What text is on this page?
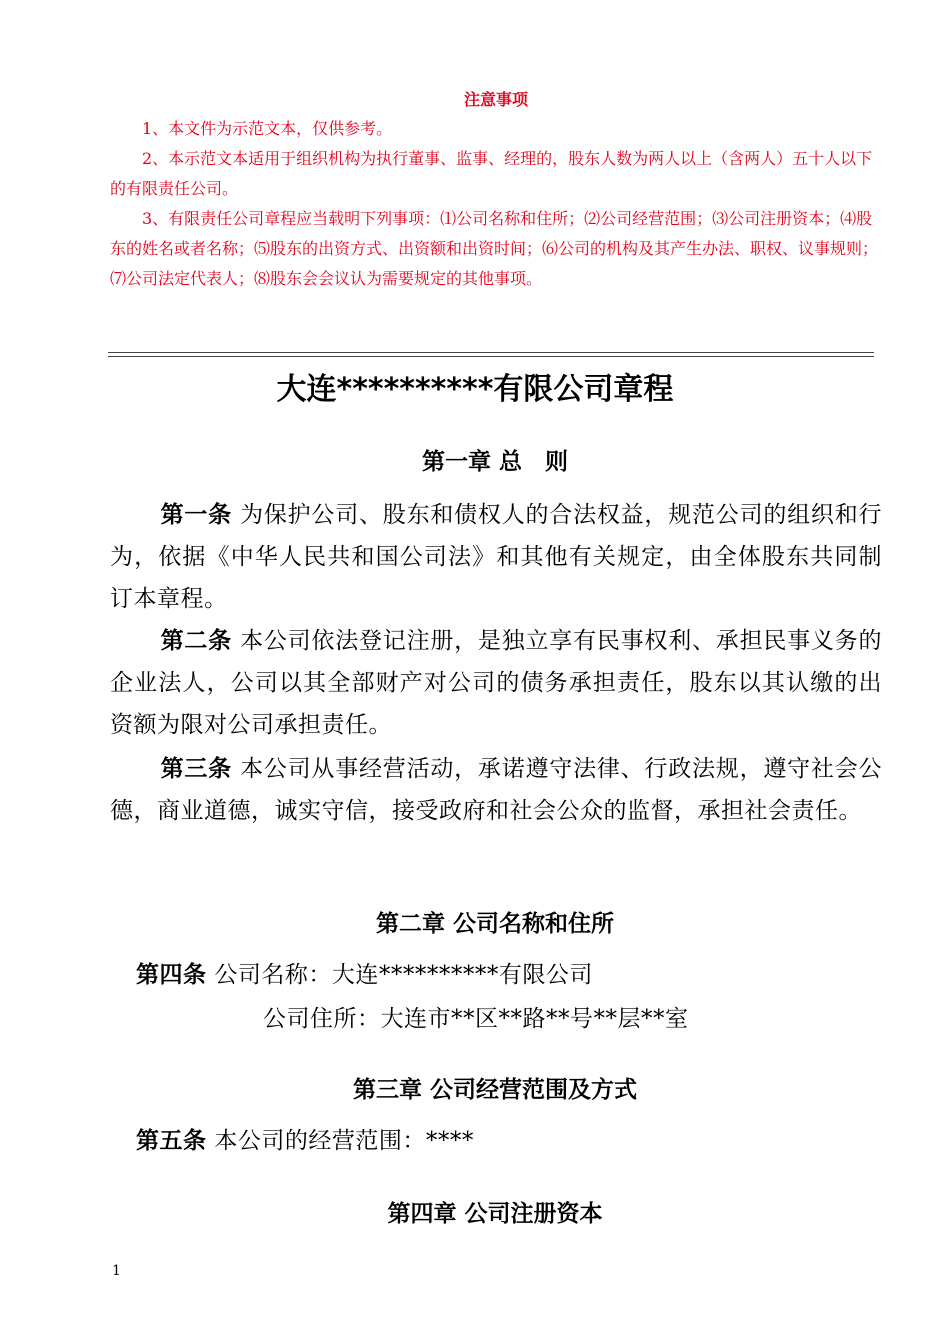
注意事项

1、本文件为示范文本，仅供参考。

2、本示范文本适用于组织机构为执行董事、监事、经理的，股东人数为两人以上（含两人）五十人以下的有限责任公司。

3、有限责任公司章程应当载明下列事项：⑴公司名称和住所；⑵公司经营范围；⑶公司注册资本；⑷股东的姓名或者名称；⑸股东的出资方式、出资额和出资时间；⑹公司的机构及其产生办法、职权、议事规则；⑺公司法定代表人；⑻股东会会议认为需要规定的其他事项。

大连**********有限公司章程
第一章 总　则

第一条 为保护公司、股东和债权人的合法权益，规范公司的组织和行为，依据《中华人民共和国公司法》和其他有关规定，由全体股东共同制订本章程。

第二条 本公司依法登记注册，是独立享有民事权利、承担民事义务的企业法人，公司以其全部财产对公司的债务承担责任，股东以其认缴的出资额为限对公司承担责任。

第三条 本公司从事经营活动，承诺遵守法律、行政法规，遵守社会公德，商业道德，诚实守信，接受政府和社会公众的监督，承担社会责任。

第二章 公司名称和住所

第四条 公司名称：大连**********有限公司

公司住所：大连市**区**路**号**层**室

第三章 公司经营范围及方式

第五条 本公司的经营范围：****

第四章 公司注册资本
1
